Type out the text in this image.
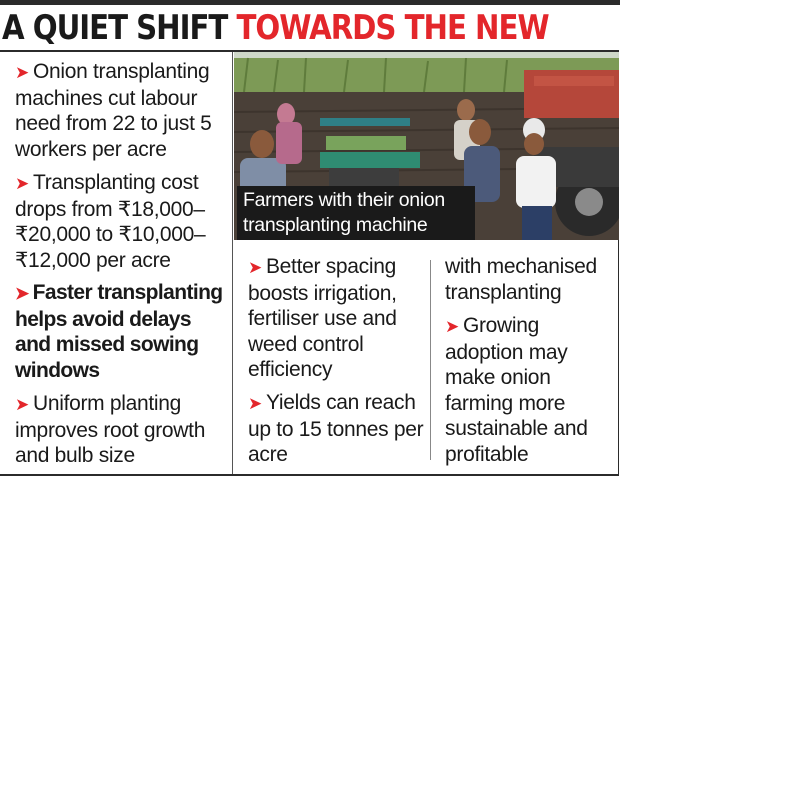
A QUIET SHIFT TOWARDS THE NEW

➤ Onion transplanting machines cut labour need from 22 to just 5 workers per acre

➤ Transplanting cost drops from ₹18,000–₹20,000 to ₹10,000–₹12,000 per acre

➤ Faster transplanting helps avoid delays and missed sowing windows

➤ Uniform planting improves root growth and bulb size

Farmers with their onion transplanting machine

➤ Better spacing boosts irrigation, fertiliser use and weed control efficiency

➤ Yields can reach up to 15 tonnes per acre

with mechanised transplanting

➤ Growing adoption may make onion farming more sustainable and profitable
